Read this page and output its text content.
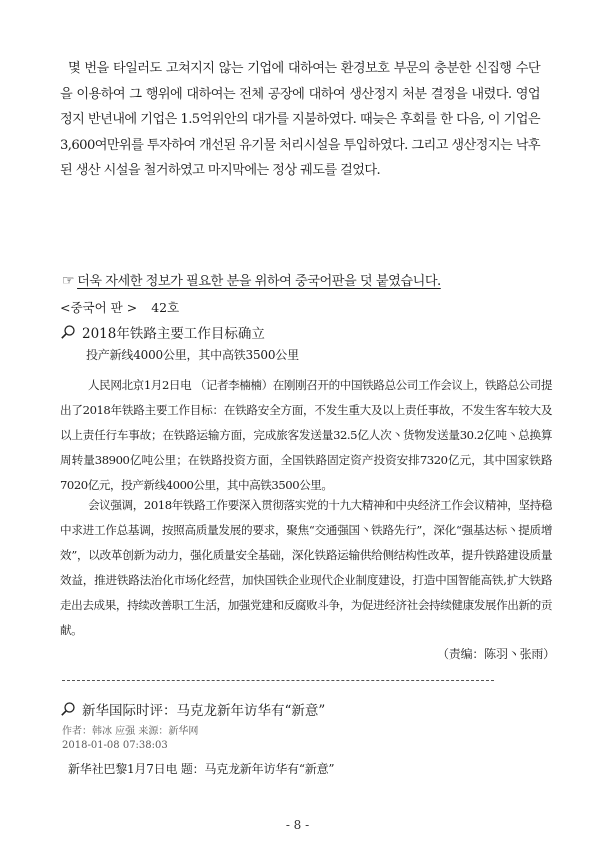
몇 번을 타일러도 고쳐지지 않는 기업에 대하여는 환경보호 부문의 충분한 신집행 수단을 이용하여 그 행위에 대하여는 전체 공장에 대하여 생산정지 처분 결정을 내렸다. 영업정지 반년내에 기업은 1.5억위안의 대가를 지불하였다. 때늦은 후회를 한 다음, 이 기업은 3,600여만위를 투자하여 개선된 유기물 처리시설을 투입하였다. 그리고 생산정지는 낙후된 생산 시설을 철거하였고 마지막에는 정상 궤도를 걸었다.
☞ 더욱 자세한 정보가 필요한 분을 위하여 중국어판을 덧 붙였습니다.
<중국어 판 > 42호
2018年铁路主要工作目标确立
投产新线4000公里，其中高铁3500公里
人民网北京1月2日电 （记者李楠楠）在刚刚召开的中国铁路总公司工作会议上，铁路总公司提出了2018年铁路主要工作目标：在铁路安全方面，不发生重大及以上责任事故，不发生客车较大及以上责任行车事故；在铁路运输方面，完成旅客发送量32.5亿人次丶货物发送量30.2亿吨丶总换算周转量38900亿吨公里；在铁路投资方面，全国铁路固定资产投资安排7320亿元，其中国家铁路7020亿元，投产新线4000公里，其中高铁3500公里。
会议强调，2018年铁路工作要深入贯彻落实党的十九大精神和中央经济工作会议精神，坚持稳中求进工作总基调，按照高质量发展的要求，聚焦“交通强国丶铁路先行”，深化“强基达标丶提质增效”，以改革创新为动力，强化质量安全基础，深化铁路运输供给侧结构性改革，提升铁路建设质量效益，推进铁路法治化市场化经营，加快国铁企业现代企业制度建设，打造中国智能高铁,扩大铁路走出去成果，持续改善职工生活，加强党建和反腐败斗争，为促进经济社会持续健康发展作出新的贡献。
（责编：陈羽丶张雨）
新华国际时评：马克龙新年访华有“新意”
作者：韩冰 应强 来源：新华网
2018-01-08 07:38:03
新华社巴黎1月7日电 题：马克龙新年访华有“新意”
- 8 -
